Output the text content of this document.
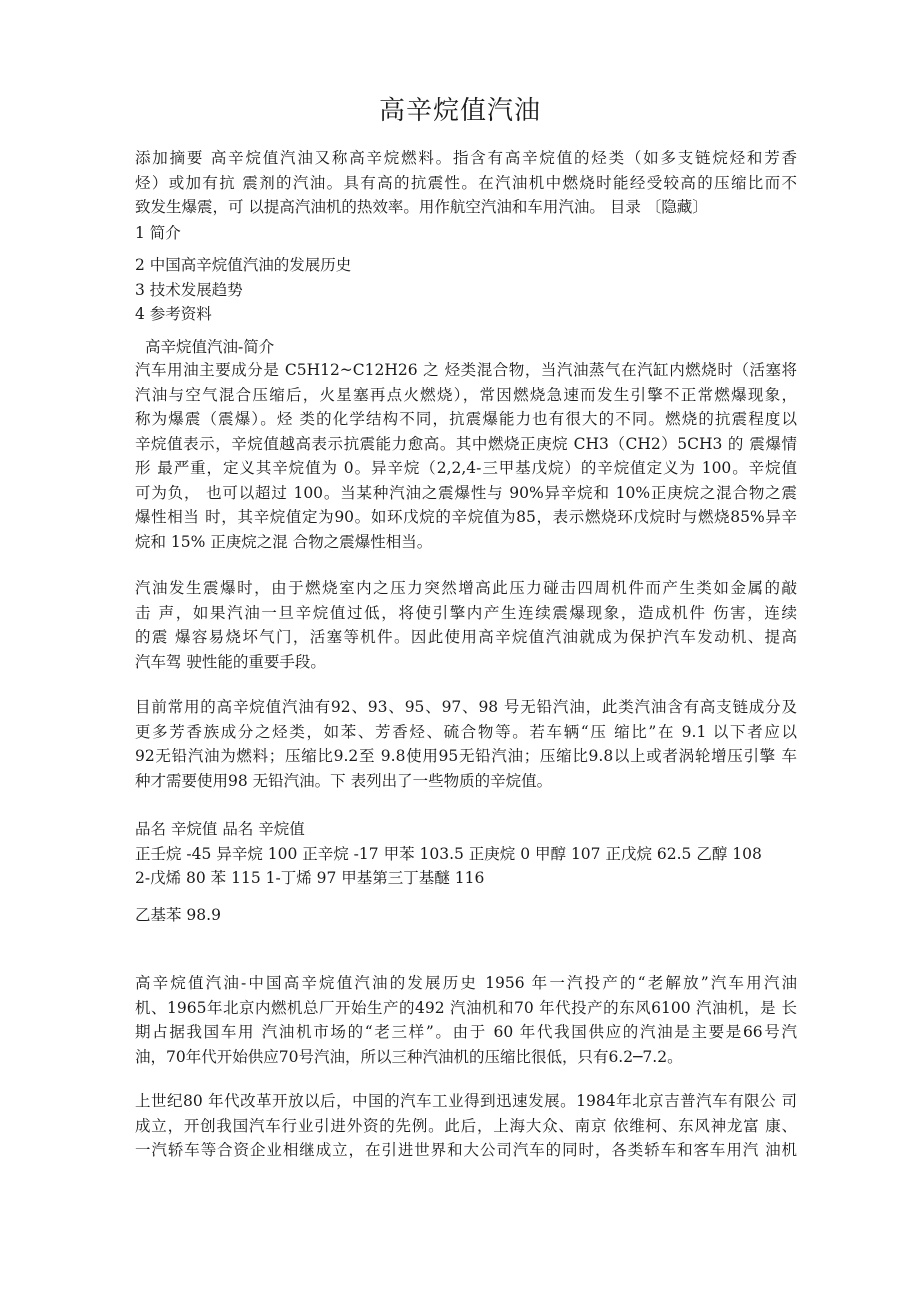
高辛烷值汽油
添加摘要 高辛烷值汽油又称高辛烷燃料。指含有高辛烷值的烃类（如多支链烷烃和芳香
烃）或加有抗 震剂的汽油。具有高的抗震性。在汽油机中燃烧时能经受较高的压缩比而不
致发生爆震，可 以提高汽油机的热效率。用作航空汽油和车用汽油。 目录 〔隐藏〕
1 简介
2 中国高辛烷值汽油的发展历史
3 技术发展趋势
4 参考资料
高辛烷值汽油-简介
汽车用油主要成分是 C5H12~C12H26 之 烃类混合物，当汽油蒸气在汽缸内燃烧时（活塞将
汽油与空气混合压缩后，火星塞再点火燃烧），常因燃烧急速而发生引擎不正常燃爆现象，
称为爆震（震爆）。烃 类的化学结构不同，抗震爆能力也有很大的不同。燃烧的抗震程度以
辛烷值表示，辛烷值越高表示抗震能力愈高。其中燃烧正庚烷 CH3（CH2）5CH3 的 震爆情
形 最严重，定义其辛烷值为 0。异辛烷（2,2,4-三甲基戊烷）的辛烷值定义为 100。辛烷值
可为负， 也可以超过 100。当某种汽油之震爆性与 90%异辛烷和 10%正庚烷之混合物之震
爆性相当 时，其辛烷值定为90。如环戊烷的辛烷值为85，表示燃烧环戊烷时与燃烧85%异辛
烷和 15% 正庚烷之混 合物之震爆性相当。
汽油发生震爆时，由于燃烧室内之压力突然增高此压力碰击四周机件而产生类如金属的敲
击 声，如果汽油一旦辛烷值过低，将使引擎内产生连续震爆现象，造成机件 伤害，连续
的震 爆容易烧坏气门，活塞等机件。因此使用高辛烷值汽油就成为保护汽车发动机、提高
汽车驾 驶性能的重要手段。
目前常用的高辛烷值汽油有92、93、95、97、98 号无铅汽油，此类汽油含有高支链成分及
更多芳香族成分之烃类，如苯、芳香烃、硫合物等。若车辆“压 缩比”在 9.1 以下者应以
92无铅汽油为燃料；压缩比9.2至 9.8使用95无铅汽油；压缩比9.8以上或者涡轮增压引擎 车
种才需要使用98 无铅汽油。下 表列出了一些物质的辛烷值。
品名 辛烷值 品名 辛烷值
正壬烷 -45 异辛烷 100 正辛烷 -17 甲苯 103.5 正庚烷 0 甲醇 107 正戊烷 62.5 乙醇 108
2-戊烯 80 苯 115 1-丁烯 97 甲基第三丁基醚 116
乙基苯 98.9
高辛烷值汽油-中国高辛烷值汽油的发展历史 1956 年一汽投产的“老解放”汽车用汽油
机、1965年北京内燃机总厂开始生产的492 汽油机和70 年代投产的东风6100 汽油机，是 长
期占据我国车用 汽油机市场的“老三样”。由于 60 年代我国供应的汽油是主要是66号汽
油，70年代开始供应70号汽油，所以三种汽油机的压缩比很低，只有6.2─7.2。
上世纪80 年代改革开放以后，中国的汽车工业得到迅速发展。1984年北京吉普汽车有限公 司
成立，开创我国汽车行业引进外资的先例。此后，上海大众、南京 依维柯、东风神龙富 康、
一汽轿车等合资企业相继成立，在引进世界和大公司汽车的同时，各类轿车和客车用汽 油机
